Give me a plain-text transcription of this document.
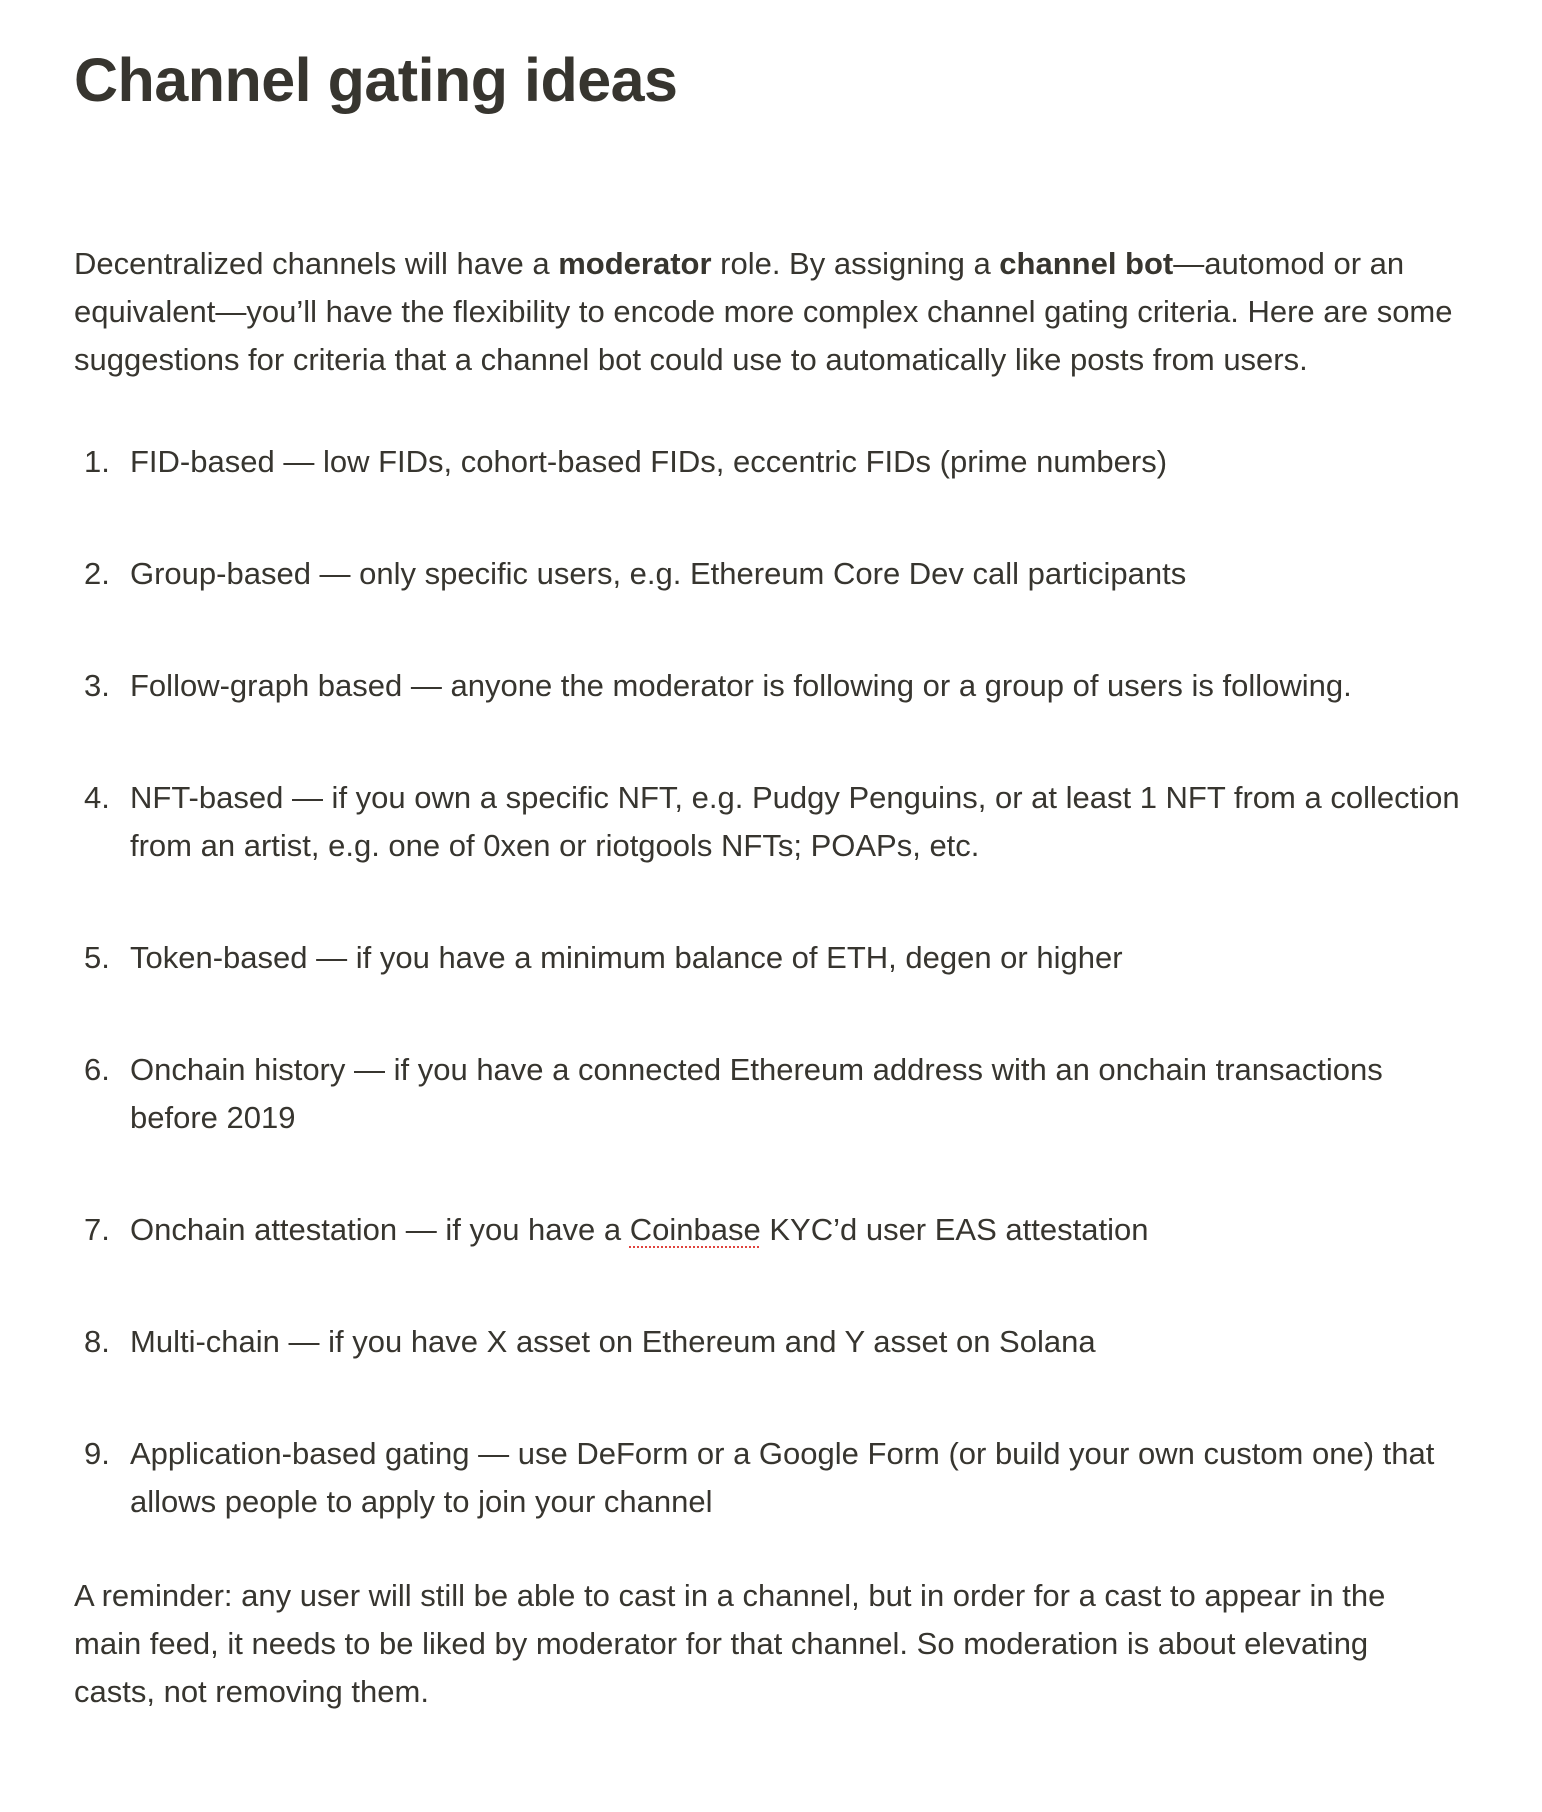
Channel gating ideas

Decentralized channels will have a moderator role. By assigning a channel bot—automod or an equivalent—you’ll have the flexibility to encode more complex channel gating criteria. Here are some suggestions for criteria that a channel bot could use to automatically like posts from users.

1. FID-based — low FIDs, cohort-based FIDs, eccentric FIDs (prime numbers)
2. Group-based — only specific users, e.g. Ethereum Core Dev call participants
3. Follow-graph based — anyone the moderator is following or a group of users is following.
4. NFT-based — if you own a specific NFT, e.g. Pudgy Penguins, or at least 1 NFT from a collection from an artist, e.g. one of 0xen or riotgools NFTs; POAPs, etc.
5. Token-based — if you have a minimum balance of ETH, degen or higher
6. Onchain history — if you have a connected Ethereum address with an onchain transactions before 2019
7. Onchain attestation — if you have a Coinbase KYC’d user EAS attestation
8. Multi-chain — if you have X asset on Ethereum and Y asset on Solana
9. Application-based gating — use DeForm or a Google Form (or build your own custom one) that allows people to apply to join your channel

A reminder: any user will still be able to cast in a channel, but in order for a cast to appear in the main feed, it needs to be liked by moderator for that channel. So moderation is about elevating casts, not removing them.
